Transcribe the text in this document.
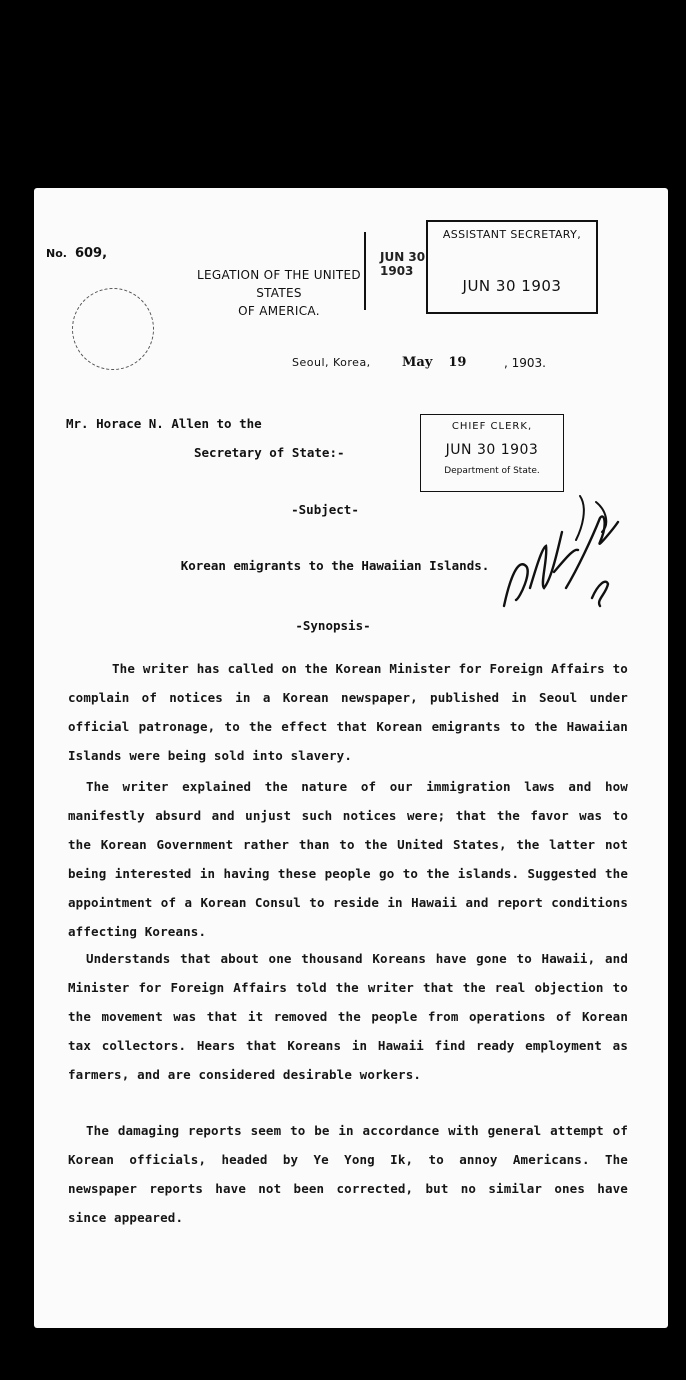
No. 609,
LEGATION OF THE UNITED STATES
OF AMERICA.
JUN 30 1903
ASSISTANT SECRETARY,
JUN 30 1903
Seoul, Korea, May 19	, 1903.
Mr. Horace N. Allen to the
Secretary of State:-
CHIEF CLERK,
JUN 30 1903
Department of State.
-Subject-
Korean emigrants to the Hawaiian Islands.
-Synopsis-
The writer has called on the Korean Minister for Foreign Affairs to complain of notices in a Korean newspaper, published in Seoul under official patronage, to the effect that Korean emigrants to the Hawaiian Islands were being sold into slavery.
The writer explained the nature of our immigration laws and how manifestly absurd and unjust such notices were; that the favor was to the Korean Government rather than to the United States, the latter not being interested in having these people go to the islands. Suggested the appointment of a Korean Consul to reside in Hawaii and report conditions affecting Koreans.
Understands that about one thousand Koreans have gone to Hawaii, and Minister for Foreign Affairs told the writer that the real objection to the movement was that it removed the people from operations of Korean tax collectors. Hears that Koreans in Hawaii find ready employment as farmers, and are considered desirable workers.
The damaging reports seem to be in accordance with general attempt of Korean officials, headed by Ye Yong Ik, to annoy Americans. The newspaper reports have not been corrected, but no similar ones have since appeared.
